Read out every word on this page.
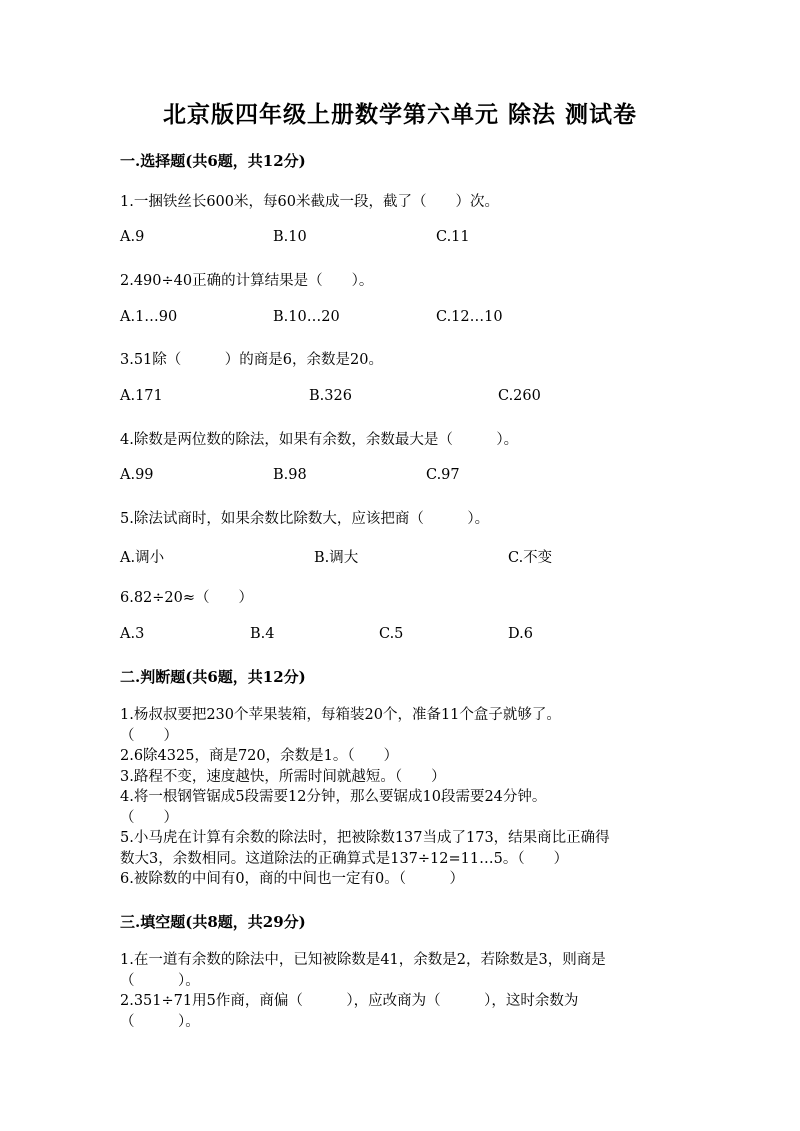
北京版四年级上册数学第六单元 除法 测试卷
一.选择题(共6题，共12分)
1.一捆铁丝长600米，每60米截成一段，截了（　　）次。
A.9	B.10	C.11
2.490÷40正确的计算结果是（　　）。
A.1…90	B.10…20	C.12…10
3.51除（　　　）的商是6，余数是20。
A.171	B.326	C.260
4.除数是两位数的除法，如果有余数，余数最大是（　　　）。
A.99	B.98	C.97
5.除法试商时，如果余数比除数大，应该把商（　　　）。
A.调小	B.调大	C.不变
6.82÷20≈（　　）
A.3	B.4	C.5	D.6
二.判断题(共6题，共12分)
1.杨叔叔要把230个苹果装箱，每箱装20个，准备11个盒子就够了。
（　　）
2.6除4325，商是720，余数是1。（　　）
3.路程不变，速度越快，所需时间就越短。（　　）
4.将一根钢管锯成5段需要12分钟，那么要锯成10段需要24分钟。
（　　）
5.小马虎在计算有余数的除法时，把被除数137当成了173，结果商比正确得
数大3，余数相同。这道除法的正确算式是137÷12=11…5。（　　）
6.被除数的中间有0，商的中间也一定有0。（　　　）
三.填空题(共8题，共29分)
1.在一道有余数的除法中，已知被除数是41，余数是2，若除数是3，则商是
（　　　）。
2.351÷71用5作商，商偏（　　　），应改商为（　　　），这时余数为
（　　　）。
